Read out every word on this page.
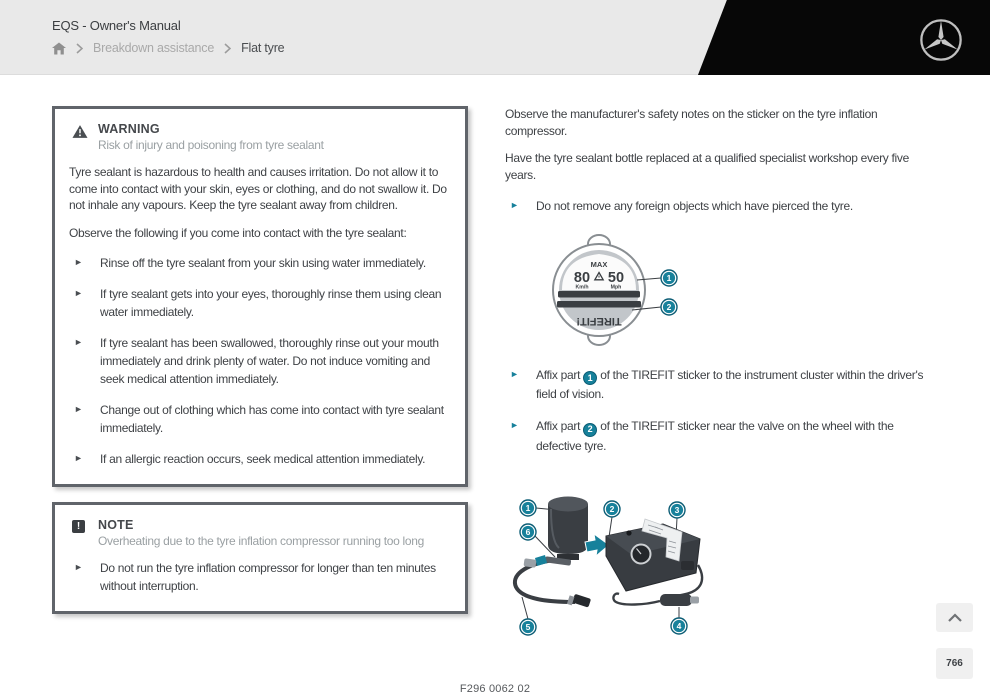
EQS - Owner's Manual
Breakdown assistance Flat tyre
WARNING
Risk of injury and poisoning from tyre sealant

Tyre sealant is hazardous to health and causes irritation. Do not allow it to come into contact with your skin, eyes or clothing, and do not swallow it. Do not inhale any vapours. Keep the tyre sealant away from children.

Observe the following if you come into contact with the tyre sealant:

► Rinse off the tyre sealant from your skin using water immediately.
► If tyre sealant gets into your eyes, thoroughly rinse them using clean water immediately.
► If tyre sealant has been swallowed, thoroughly rinse out your mouth immediately and drink plenty of water. Do not induce vomiting and seek medical attention immediately.
► Change out of clothing which has come into contact with tyre sealant immediately.
► If an allergic reaction occurs, seek medical attention immediately.
!	NOTE
Overheating due to the tyre inflation compressor running too long
► Do not run the tyre inflation compressor for longer than ten minutes without interruption.

Observe the manufacturer's safety notes on the sticker on the tyre inflation compressor.

Have the tyre sealant bottle replaced at a qualified specialist workshop every five years.

► Do not remove any foreign objects which have pierced the tyre.
MAX
80 50
Km/h	Mph
TIREFIT!
1
2
► Affix part 1 of the TIREFIT sticker to the instrument cluster within the driver's field of vision.
► Affix part 2 of the TIREFIT sticker near the valve on the wheel with the defective tyre.
1
6
2	3
5	4
F296 0062 02
766
